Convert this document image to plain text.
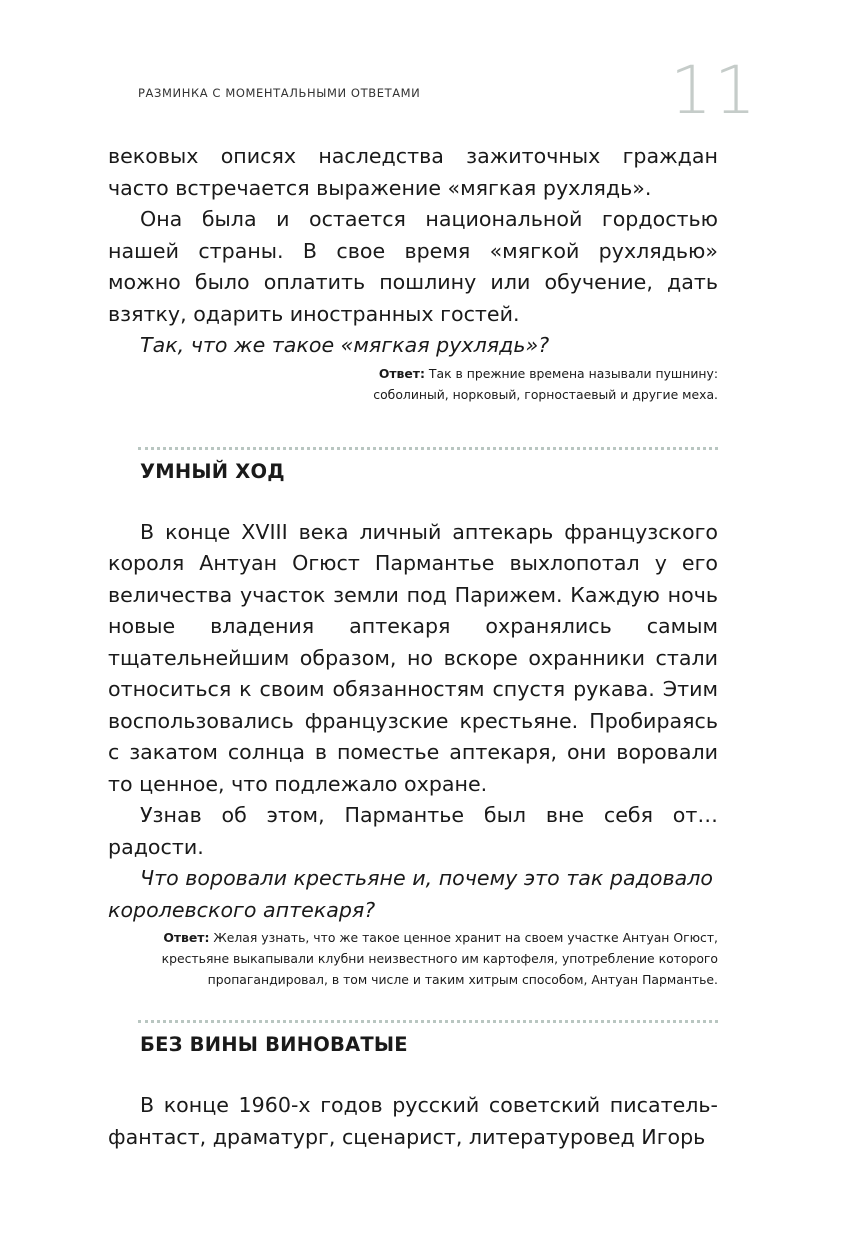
РАЗМИНКА С МОМЕНТАЛЬНЫМИ ОТВЕТАМИ	11

вековых описях наследства зажиточных граждан часто встречается выражение «мягкая рухлядь».

Она была и остается национальной гордостью нашей страны. В свое время «мягкой рухлядью» можно было оплатить пошлину или обучение, дать взятку, одарить иностранных гостей.

Так, что же такое «мягкая рухлядь»?

Ответ: Так в прежние времена называли пушнину:
соболиный, норковый, горностаевый и другие меха.
УМНЫЙ ХОД

В конце XVIII века личный аптекарь французского короля Антуан Огюст Пармантье выхлопотал у его величества участок земли под Парижем. Каждую ночь новые владения аптекаря охранялись самым тщательнейшим образом, но вскоре охранники стали относиться к своим обязанностям спустя рукава. Этим воспользовались французские крестьяне. Пробираясь с закатом солнца в поместье аптекаря, они воровали то ценное, что подлежало охране.

Узнав об этом, Пармантье был вне себя от…радости.

Что воровали крестьяне и, почему это так радовало королевского аптекаря?

Ответ: Желая узнать, что же такое ценное хранит на своем участке Антуан Огюст,
крестьяне выкапывали клубни неизвестного им картофеля, употребление которого
пропагандировал, в том числе и таким хитрым способом, Антуан Пармантье.
БЕЗ ВИНЫ ВИНОВАТЫЕ

В конце 1960-х годов русский советский писатель-фантаст, драматург, сценарист, литературовед Игорь
